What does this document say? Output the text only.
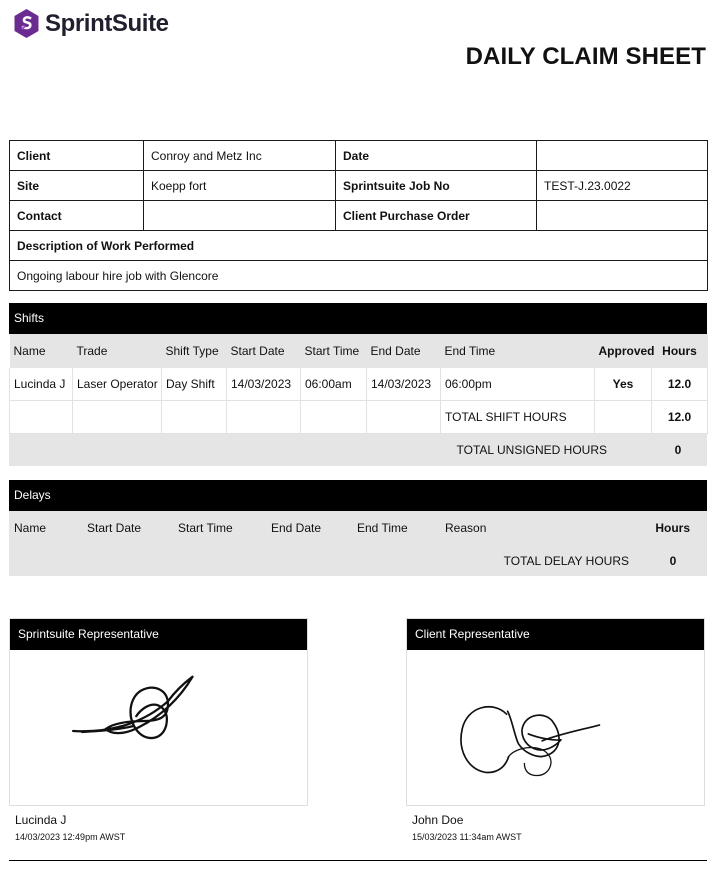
SprintSuite
DAILY CLAIM SHEET
Client	Conroy and Metz Inc	Date	
Site	Koepp fort	Sprintsuite Job No	TEST-J.23.0022
Contact		Client Purchase Order	
Description of Work Performed			
Ongoing labour hire job with Glencore			
Shifts
Name	Trade	Shift Type	Start Date	Start Time	End Date	End Time	Approved	Hours
Lucinda J	Laser Operator	Day Shift	14/03/2023	06:00am	14/03/2023	06:00pm	Yes	12.0
						TOTAL SHIFT HOURS		12.0
TOTAL UNSIGNED HOURS	0
Delays
Name	Start Date	Start Time	End Date	End Time	Reason	Hours
TOTAL DELAY HOURS	0
Sprintsuite Representative	Client Representative
Lucinda J
14/03/2023 12:49pm AWST
John Doe
15/03/2023 11:34am AWST
